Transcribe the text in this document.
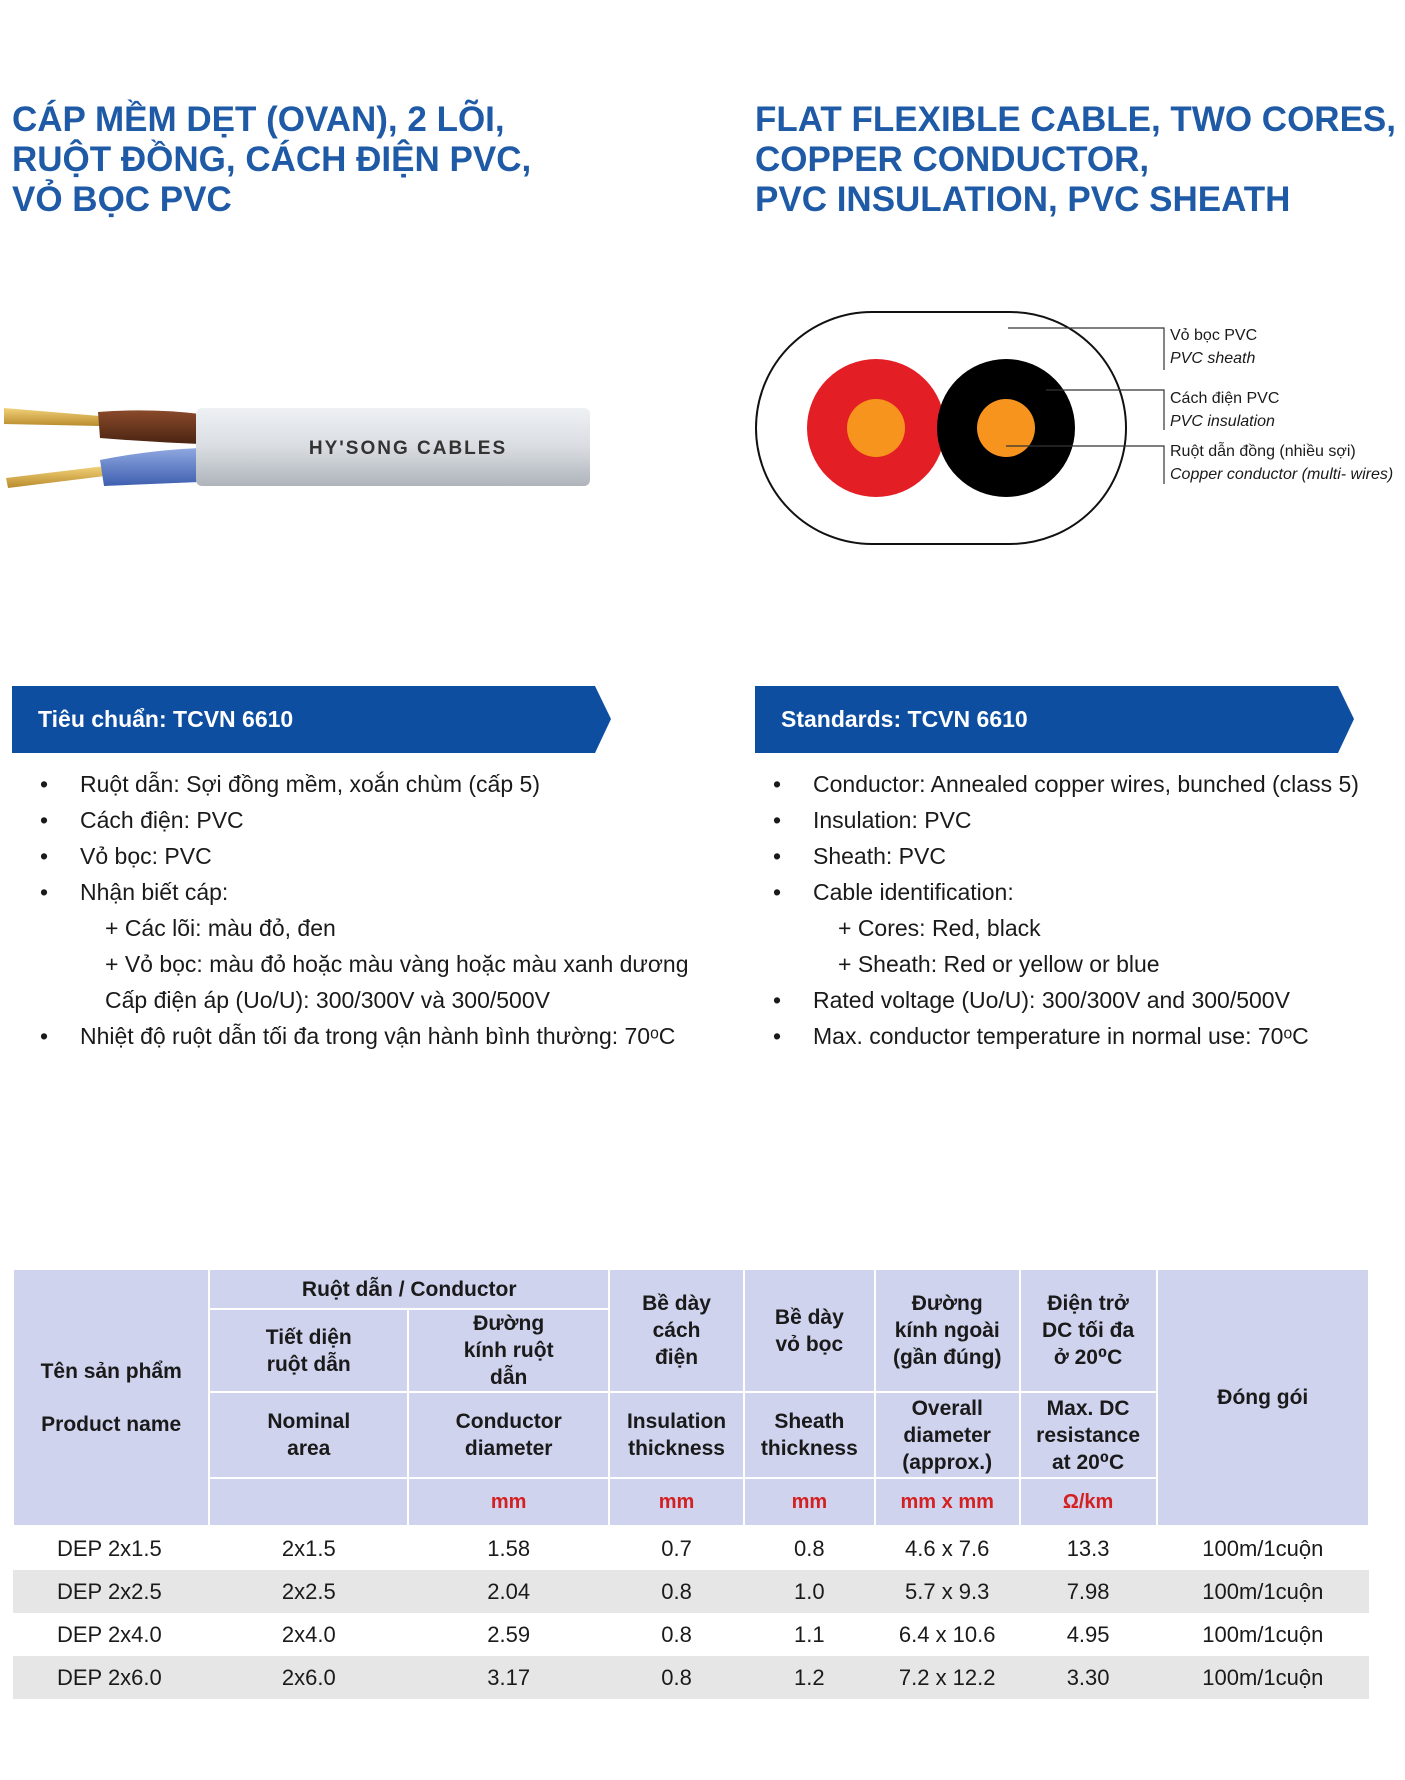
CÁP MỀM DẸT (OVAN), 2 LÕI,
RUỘT ĐỒNG, CÁCH ĐIỆN PVC,
VỎ BỌC PVC
FLAT FLEXIBLE CABLE, TWO CORES,
COPPER CONDUCTOR,
PVC INSULATION, PVC SHEATH
HY'SONG CABLES
Vỏ bọc PVC
PVC sheath
Cách điện PVC
PVC insulation
Ruột dẫn đồng (nhiều sợi)
Copper conductor (multi- wires)
Tiêu chuẩn: TCVN 6610	Standards: TCVN 6610
•	Ruột dẫn: Sợi đồng mềm, xoắn chùm (cấp 5)
•	Cách điện: PVC
•	Vỏ bọc: PVC
•	Nhận biết cáp:
+ Các lõi: màu đỏ, đen
+ Vỏ bọc: màu đỏ hoặc màu vàng hoặc màu xanh dương
Cấp điện áp (Uo/U): 300/300V và 300/500V
•	Nhiệt độ ruột dẫn tối đa trong vận hành bình thường: 70ᵒC
•	Conductor: Annealed copper wires, bunched (class 5)
•	Insulation: PVC
•	Sheath: PVC
•	Cable identification:
+ Cores: Red, black
+ Sheath: Red or yellow or blue
•	Rated voltage (Uo/U): 300/300V and 300/500V
•	Max. conductor temperature in normal use: 70ᵒC
Tên sản phẩm
Product name	Ruột dẫn / Conductor		Bề dày cách điện	Bề dày vỏ bọc	Đường kính ngoài (gần đúng)	Điện trở DC tối đa ở 20⁰C	Đóng gói
	Tiết diện ruột dẫn	Đường kính ruột dẫn					
	Nominal area	Conductor diameter	Insulation thickness	Sheath thickness	Overall diameter (approx.)	Max. DC resistance at 20⁰C	
		mm	mm	mm	mm x mm	Ω/km	
DEP 2x1.5	2x1.5	1.58	0.7	0.8	4.6 x 7.6	13.3	100m/1cuộn
DEP 2x2.5	2x2.5	2.04	0.8	1.0	5.7 x 9.3	7.98	100m/1cuộn
DEP 2x4.0	2x4.0	2.59	0.8	1.1	6.4 x 10.6	4.95	100m/1cuộn
DEP 2x6.0	2x6.0	3.17	0.8	1.2	7.2 x 12.2	3.30	100m/1cuộn
